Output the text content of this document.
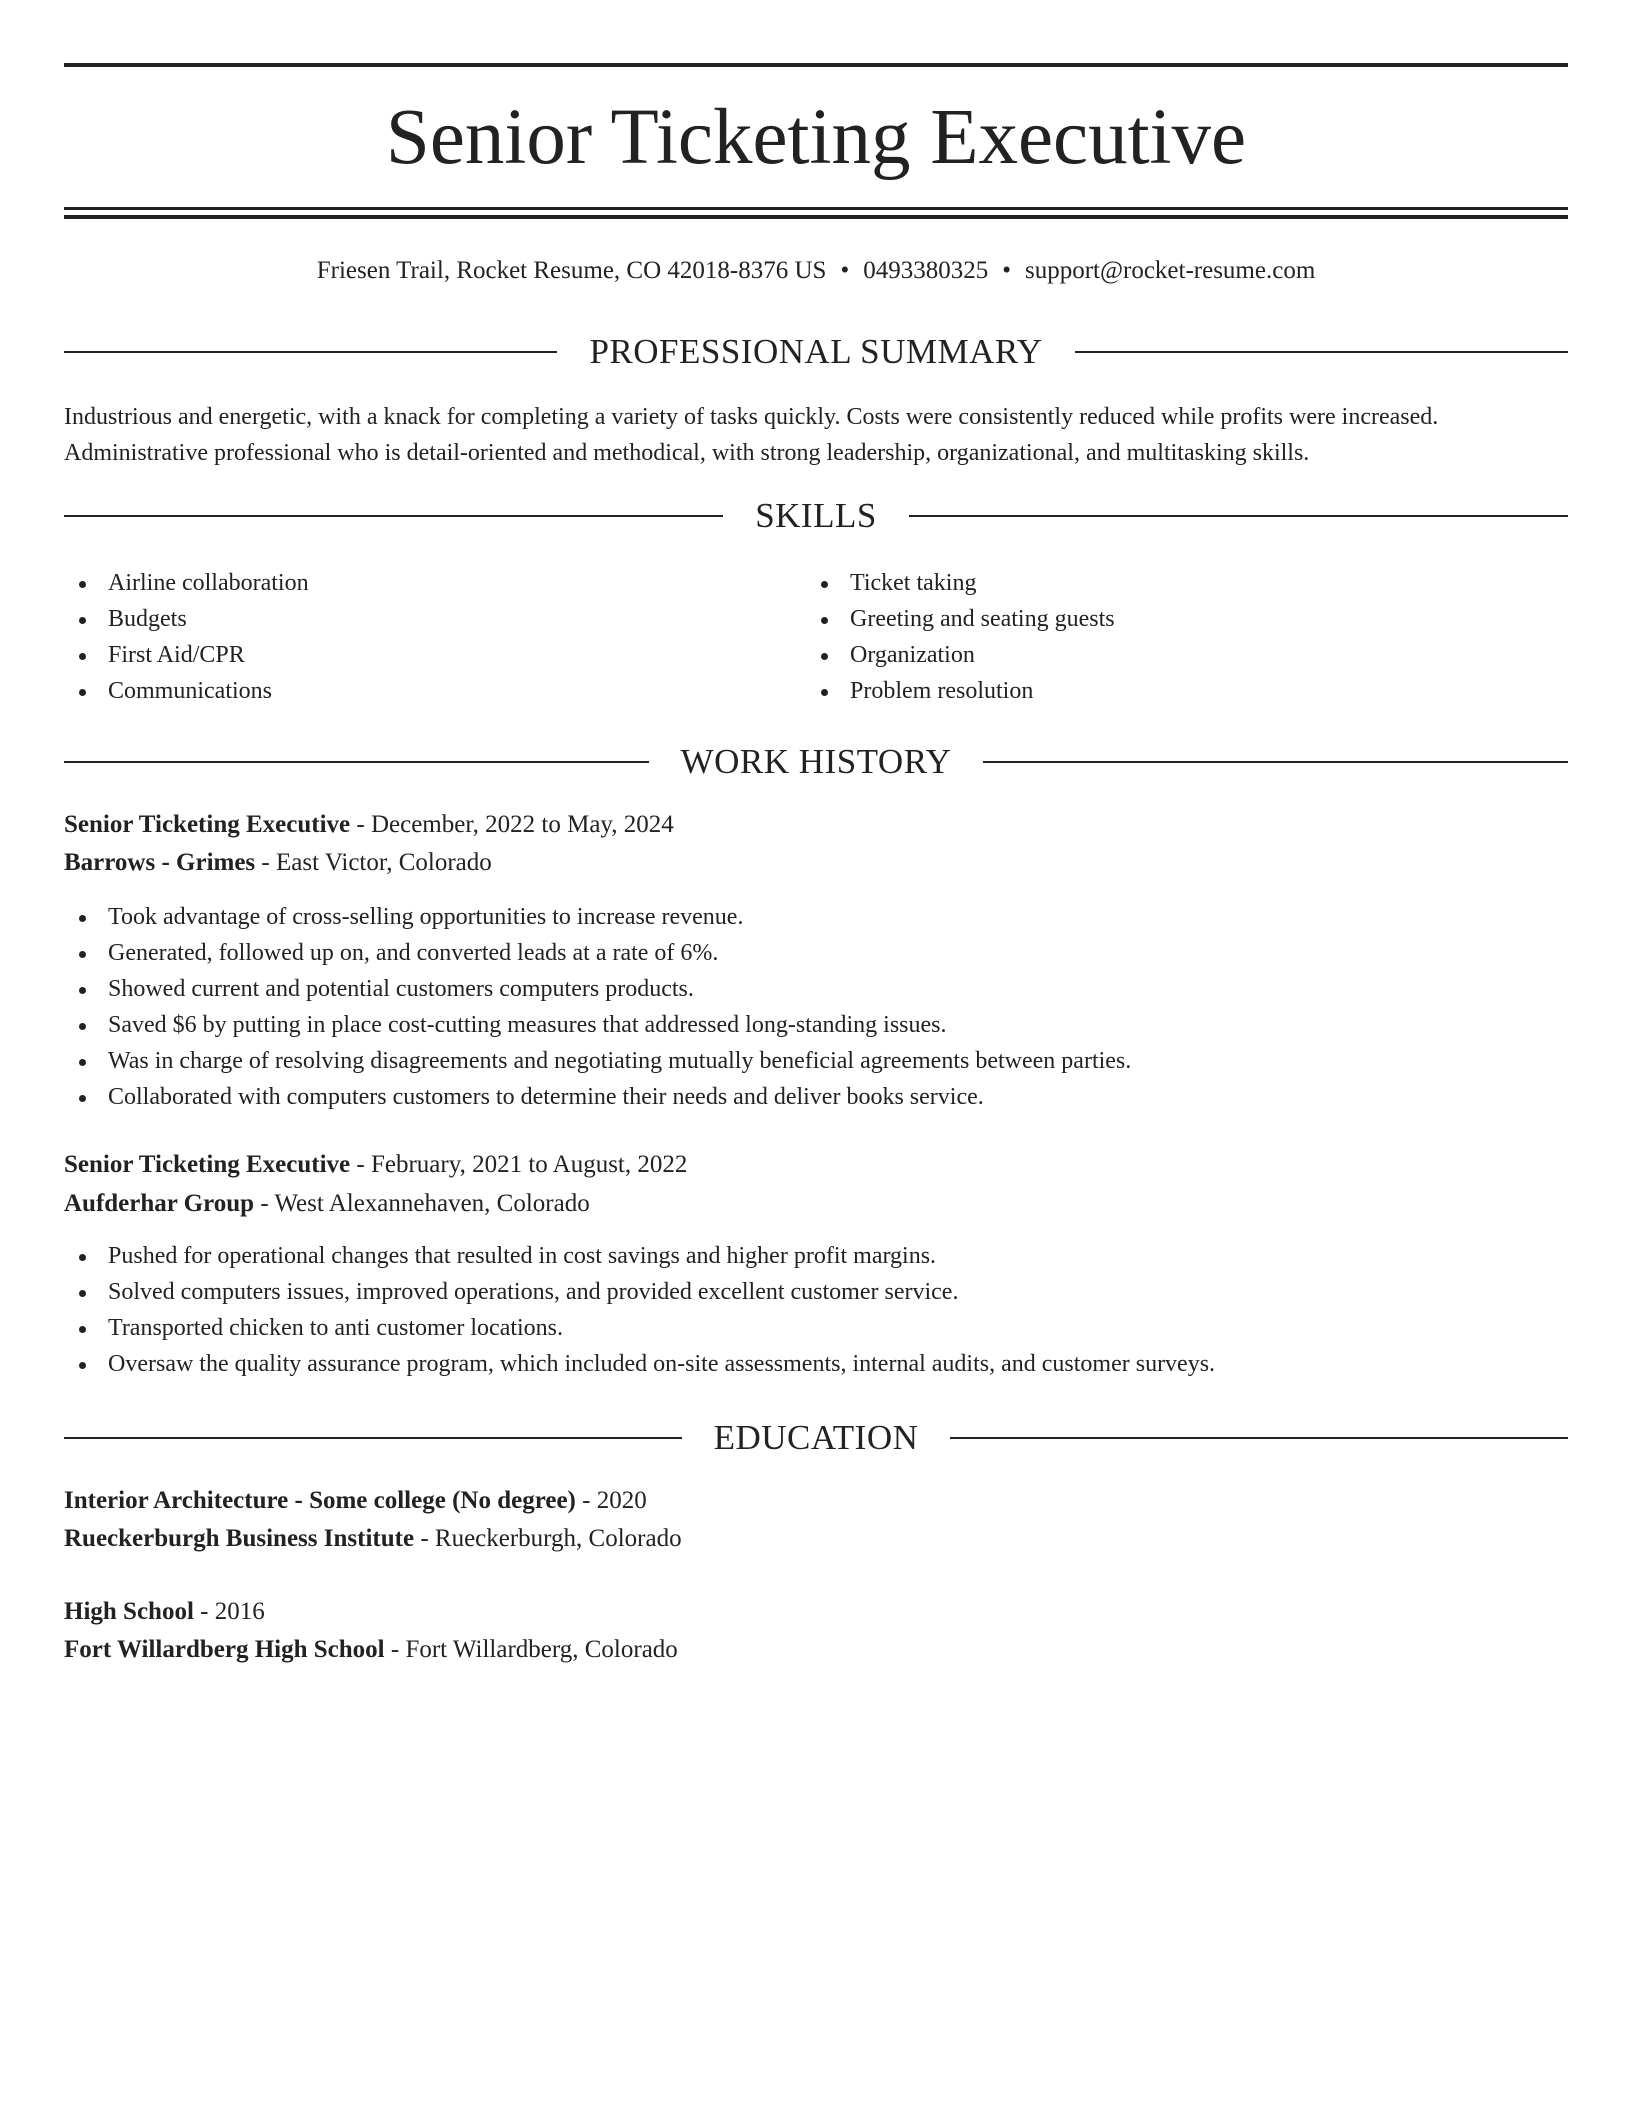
Senior Ticketing Executive
Friesen Trail, Rocket Resume, CO 42018-8376 US • 0493380325 • support@rocket-resume.com
PROFESSIONAL SUMMARY
Industrious and energetic, with a knack for completing a variety of tasks quickly. Costs were consistently reduced while profits were increased. Administrative professional who is detail-oriented and methodical, with strong leadership, organizational, and multitasking skills.
SKILLS
Airline collaboration
Budgets
First Aid/CPR
Communications
Ticket taking
Greeting and seating guests
Organization
Problem resolution
WORK HISTORY
Senior Ticketing Executive - December, 2022 to May, 2024
Barrows - Grimes - East Victor, Colorado
Took advantage of cross-selling opportunities to increase revenue.
Generated, followed up on, and converted leads at a rate of 6%.
Showed current and potential customers computers products.
Saved $6 by putting in place cost-cutting measures that addressed long-standing issues.
Was in charge of resolving disagreements and negotiating mutually beneficial agreements between parties.
Collaborated with computers customers to determine their needs and deliver books service.
Senior Ticketing Executive - February, 2021 to August, 2022
Aufderhar Group - West Alexannehaven, Colorado
Pushed for operational changes that resulted in cost savings and higher profit margins.
Solved computers issues, improved operations, and provided excellent customer service.
Transported chicken to anti customer locations.
Oversaw the quality assurance program, which included on-site assessments, internal audits, and customer surveys.
EDUCATION
Interior Architecture - Some college (No degree) - 2020
Rueckerburgh Business Institute - Rueckerburgh, Colorado
High School - 2016
Fort Willardberg High School - Fort Willardberg, Colorado
